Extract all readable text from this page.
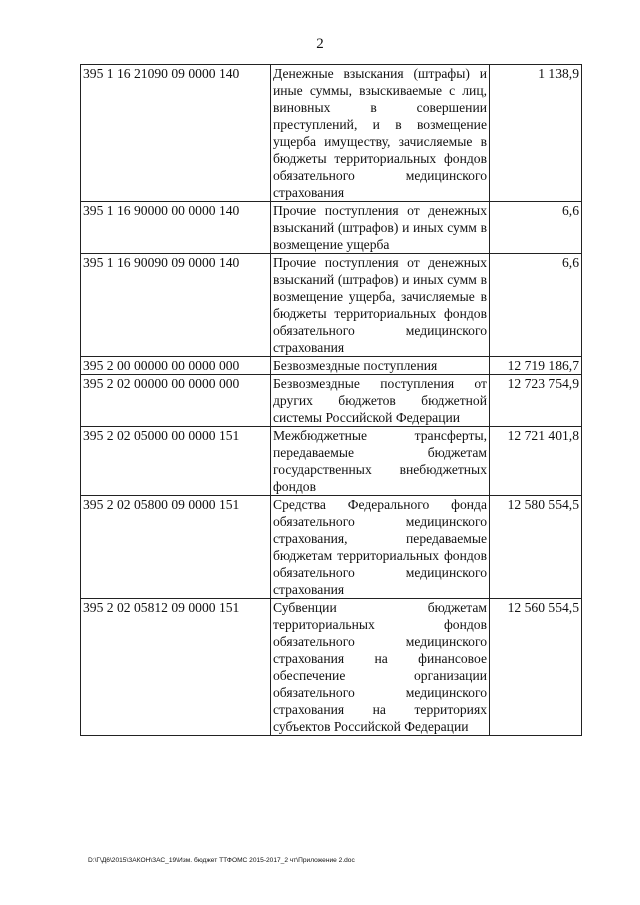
2
395 1 16 21090 09 0000 140	Денежные взыскания (штрафы) и иные суммы, взыскиваемые с лиц, виновных в совершении преступлений, и в возмещение ущерба имуществу, зачисляемые в бюджеты территориальных фондов обязательного медицинского страхования	1 138,9
395 1 16 90000 00 0000 140	Прочие поступления от денежных взысканий (штрафов) и иных сумм в возмещение ущерба	6,6
395 1 16 90090 09 0000 140	Прочие поступления от денежных взысканий (штрафов) и иных сумм в возмещение ущерба, зачисляемые в бюджеты территориальных фондов обязательного медицинского страхования	6,6
395 2 00 00000 00 0000 000	Безвозмездные поступления	12 719 186,7
395 2 02 00000 00 0000 000	Безвозмездные поступления от других бюджетов бюджетной системы Российской Федерации	12 723 754,9
395 2 02 05000 00 0000 151	Межбюджетные трансферты, передаваемые бюджетам государственных внебюджетных фондов	12 721 401,8
395 2 02 05800 09 0000 151	Средства Федерального фонда обязательного медицинского страхования, передаваемые бюджетам территориальных фондов обязательного медицинского страхования	12 580 554,5
395 2 02 05812 09 0000 151	Субвенции бюджетам территориальных фондов обязательного медицинского страхования на финансовое обеспечение организации обязательного медицинского страхования на территориях субъектов Российской Федерации	12 560 554,5
D:\Г\Д6\2015\ЗАКОН\ЗАС_19\Изм. бюджет ТТФОМС 2015-2017_2 чт\Приложение 2.doc
